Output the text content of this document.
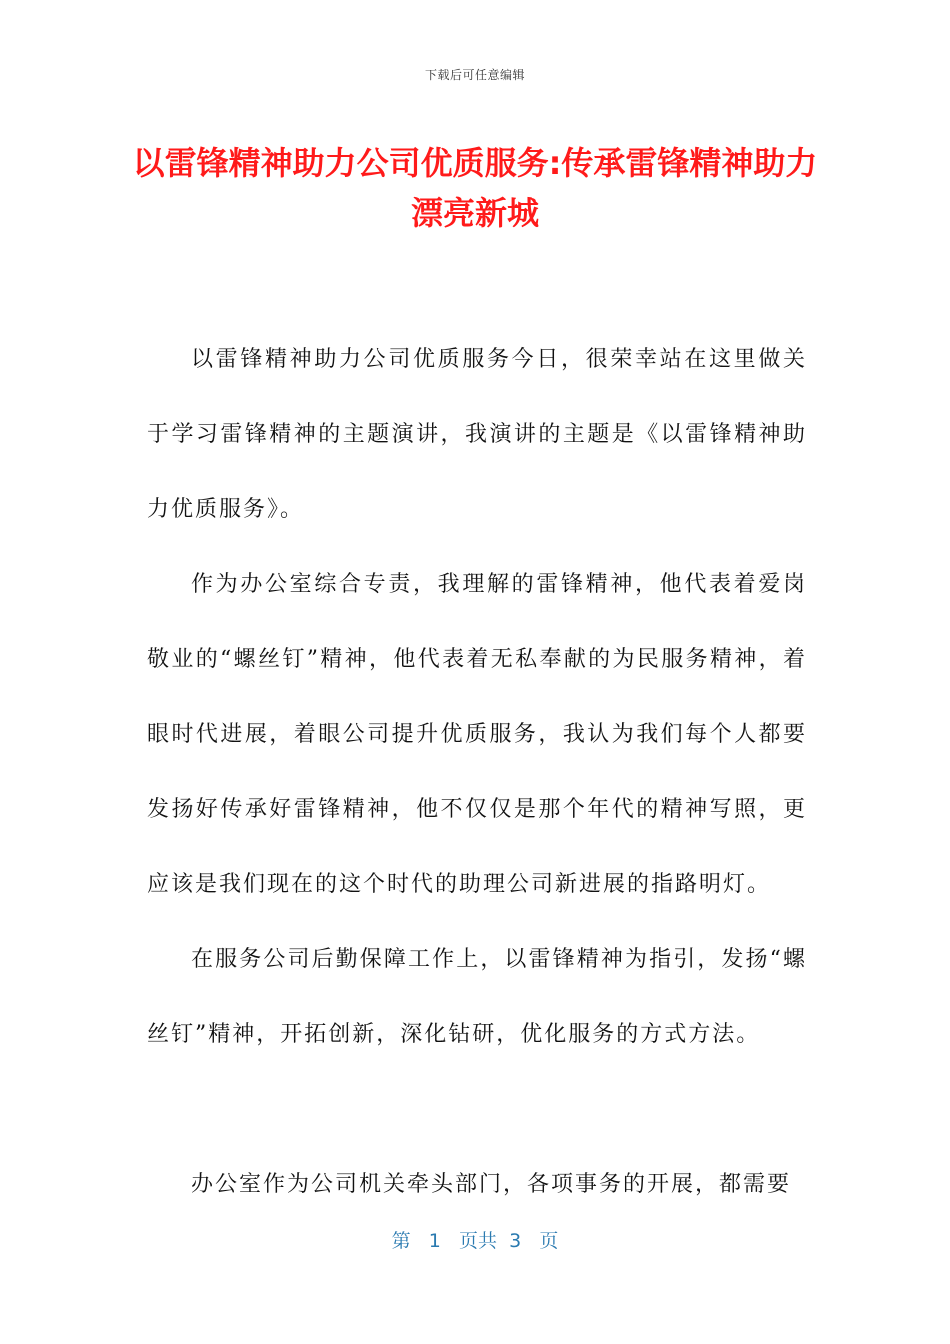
下载后可任意编辑
以雷锋精神助力公司优质服务:传承雷锋精神助力漂亮新城

以雷锋精神助力公司优质服务今日，很荣幸站在这里做关于学习雷锋精神的主题演讲，我演讲的主题是《以雷锋精神助力优质服务》。

作为办公室综合专责，我理解的雷锋精神，他代表着爱岗敬业的“螺丝钉”精神，他代表着无私奉献的为民服务精神，着眼时代进展，着眼公司提升优质服务，我认为我们每个人都要发扬好传承好雷锋精神，他不仅仅是那个年代的精神写照，更应该是我们现在的这个时代的助理公司新进展的指路明灯。

在服务公司后勤保障工作上，以雷锋精神为指引，发扬“螺丝钉”精神，开拓创新，深化钻研，优化服务的方式方法。

办公室作为公司机关牵头部门，各项事务的开展，都需要

第 1 页共 3 页
